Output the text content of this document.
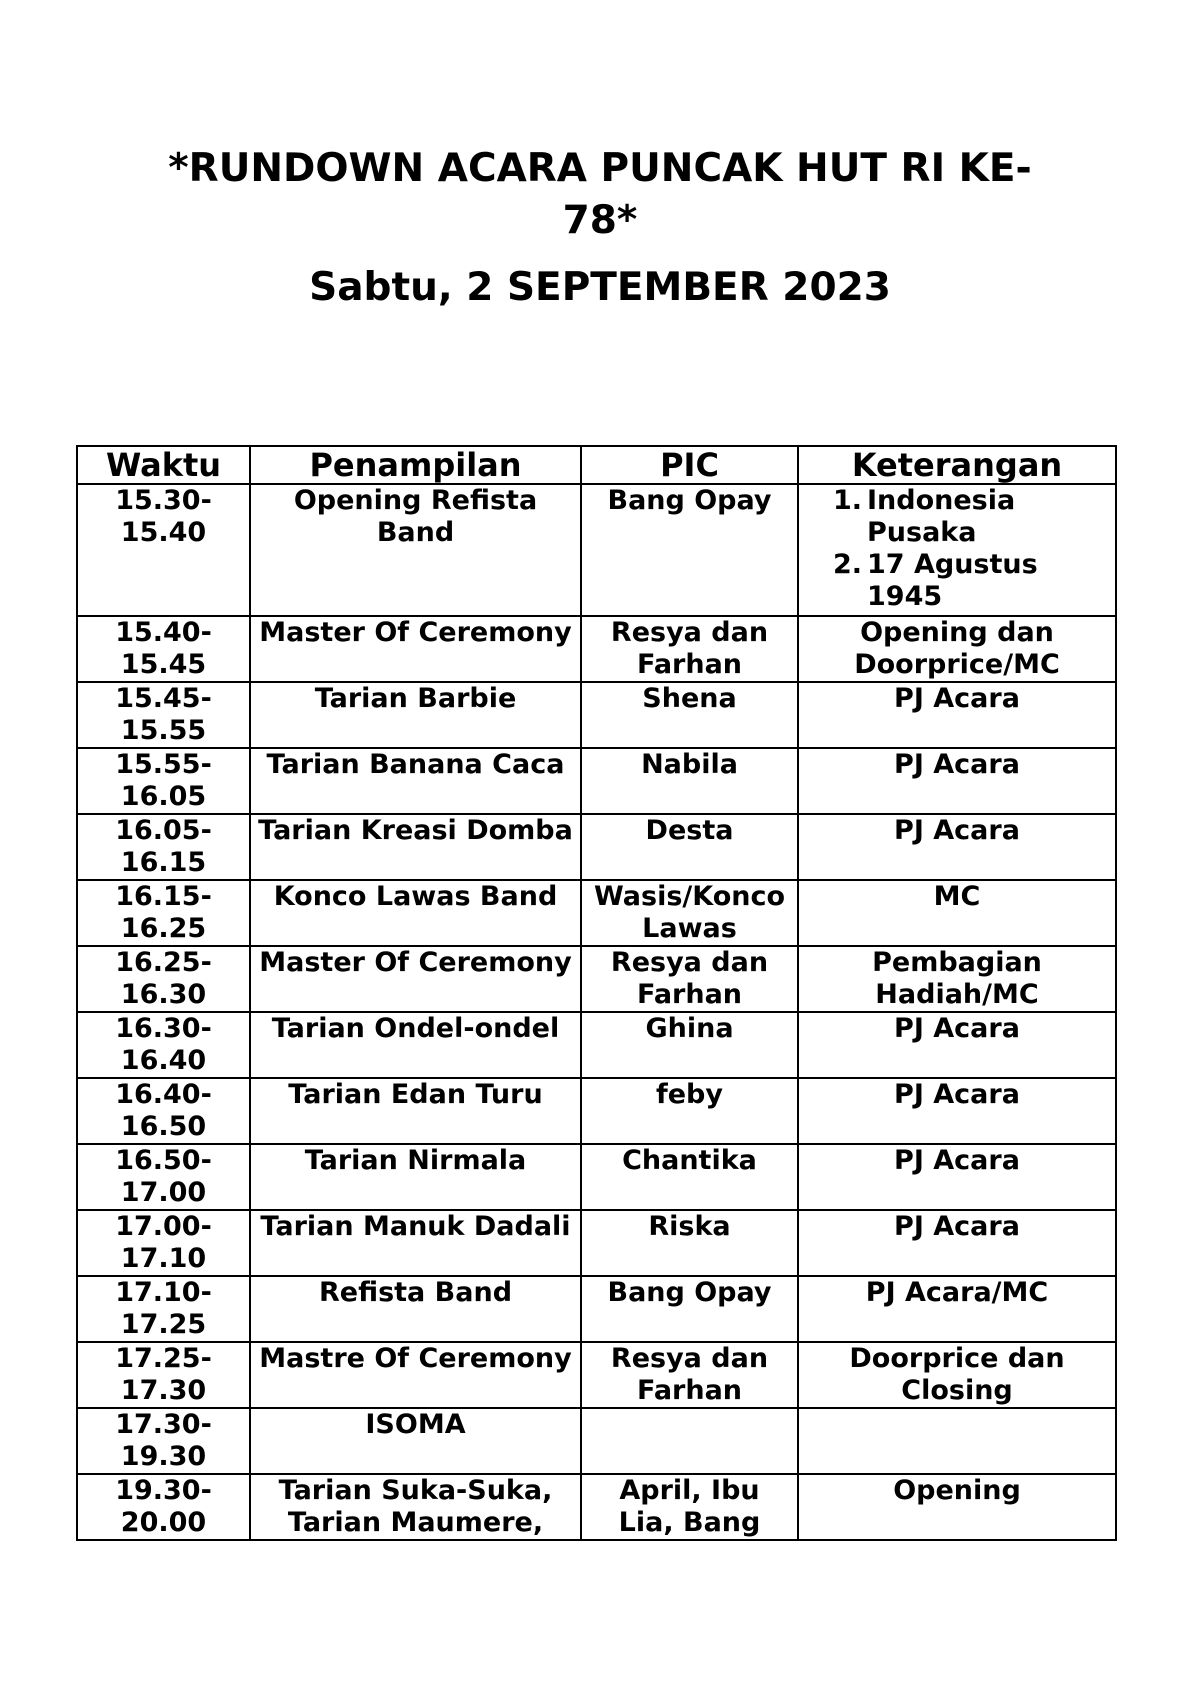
*RUNDOWN ACARA PUNCAK HUT RI KE-
78*
Sabtu, 2 SEPTEMBER 2023
Waktu	Penampilan	PIC	Keterangan
15.30-15.40	Opening Refista Band	Bang Opay	1. Indonesia Pusaka
2. 17 Agustus 1945

15.40-15.45	Master Of Ceremony	Resya dan Farhan	Opening dan Doorprice/MC
15.45-15.55	Tarian Barbie	Shena	PJ Acara
15.55-16.05	Tarian Banana Caca	Nabila	PJ Acara
16.05-16.15	Tarian Kreasi Domba	Desta	PJ Acara
16.15-16.25	Konco Lawas Band	Wasis/Konco Lawas	MC
16.25-16.30	Master Of Ceremony	Resya dan Farhan	Pembagian Hadiah/MC
16.30-16.40	Tarian Ondel-ondel	Ghina	PJ Acara
16.40-16.50	Tarian Edan Turu	feby	PJ Acara
16.50-17.00	Tarian Nirmala	Chantika	PJ Acara
17.00-17.10	Tarian Manuk Dadali	Riska	PJ Acara
17.10-17.25	Refista Band	Bang Opay	PJ Acara/MC
17.25-17.30	Mastre Of Ceremony	Resya dan Farhan	Doorprice dan Closing
17.30-19.30	ISOMA		
19.30-20.00	Tarian Suka-Suka, Tarian Maumere,	April, Ibu Lia, Bang	Opening
